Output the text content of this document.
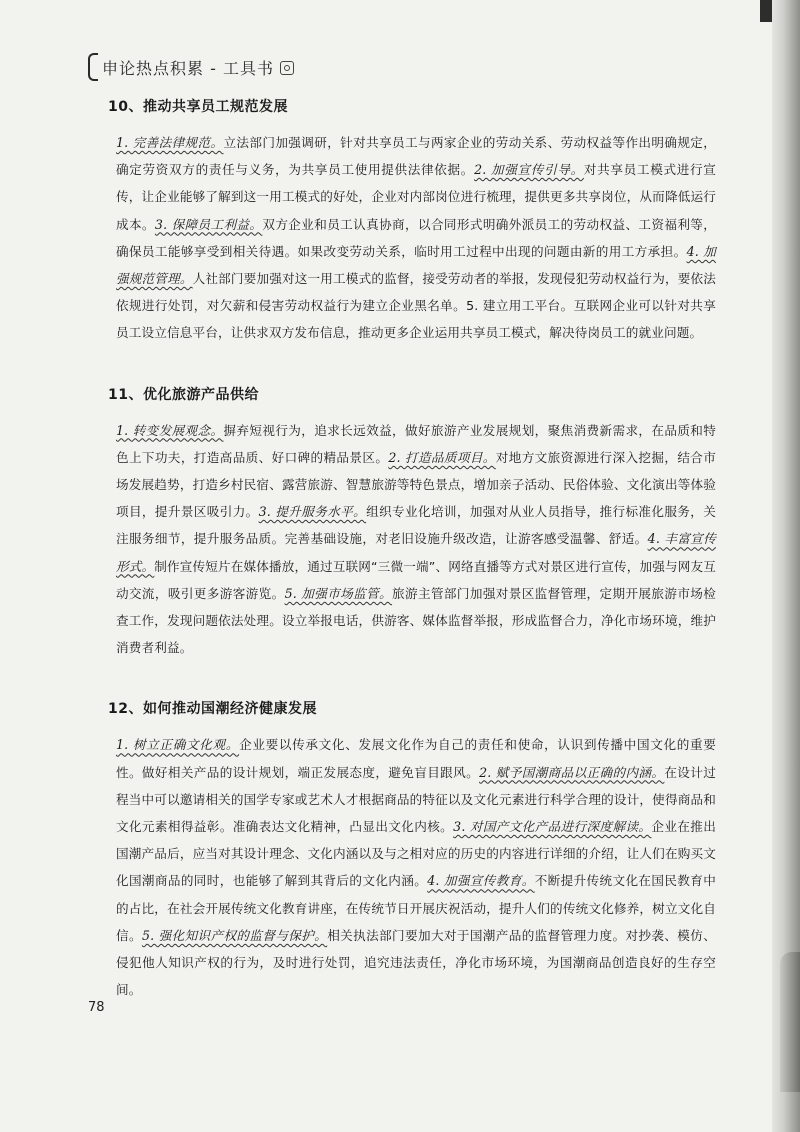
申论热点积累 - 工具书
10、推动共享员工规范发展

1. 完善法律规范。立法部门加强调研，针对共享员工与两家企业的劳动关系、劳动权益等作出明确规定，确定劳资双方的责任与义务，为共享员工使用提供法律依据。2. 加强宣传引导。对共享员工模式进行宣传，让企业能够了解到这一用工模式的好处，企业对内部岗位进行梳理，提供更多共享岗位，从而降低运行成本。3. 保障员工利益。双方企业和员工认真协商，以合同形式明确外派员工的劳动权益、工资福利等，确保员工能够享受到相关待遇。如果改变劳动关系，临时用工过程中出现的问题由新的用工方承担。4. 加强规范管理。人社部门要加强对这一用工模式的监督，接受劳动者的举报，发现侵犯劳动权益行为，要依法依规进行处罚，对欠薪和侵害劳动权益行为建立企业黑名单。5. 建立用工平台。互联网企业可以针对共享员工设立信息平台，让供求双方发布信息，推动更多企业运用共享员工模式，解决待岗员工的就业问题。

11、优化旅游产品供给

1. 转变发展观念。摒弃短视行为，追求长远效益，做好旅游产业发展规划，聚焦消费新需求，在品质和特色上下功夫，打造高品质、好口碑的精品景区。2. 打造品质项目。对地方文旅资源进行深入挖掘，结合市场发展趋势，打造乡村民宿、露营旅游、智慧旅游等特色景点，增加亲子活动、民俗体验、文化演出等体验项目，提升景区吸引力。3. 提升服务水平。组织专业化培训，加强对从业人员指导，推行标准化服务，关注服务细节，提升服务品质。完善基础设施，对老旧设施升级改造，让游客感受温馨、舒适。4. 丰富宣传形式。制作宣传短片在媒体播放，通过互联网“三微一端”、网络直播等方式对景区进行宣传，加强与网友互动交流，吸引更多游客游览。5. 加强市场监管。旅游主管部门加强对景区监督管理，定期开展旅游市场检查工作，发现问题依法处理。设立举报电话，供游客、媒体监督举报，形成监督合力，净化市场环境，维护消费者利益。

12、如何推动国潮经济健康发展

1. 树立正确文化观。企业要以传承文化、发展文化作为自己的责任和使命，认识到传播中国文化的重要性。做好相关产品的设计规划，端正发展态度，避免盲目跟风。2. 赋予国潮商品以正确的内涵。在设计过程当中可以邀请相关的国学专家或艺术人才根据商品的特征以及文化元素进行科学合理的设计，使得商品和文化元素相得益彰。准确表达文化精神，凸显出文化内核。3. 对国产文化产品进行深度解读。企业在推出国潮产品后，应当对其设计理念、文化内涵以及与之相对应的历史的内容进行详细的介绍，让人们在购买文化国潮商品的同时，也能够了解到其背后的文化内涵。4. 加强宣传教育。不断提升传统文化在国民教育中的占比，在社会开展传统文化教育讲座，在传统节日开展庆祝活动，提升人们的传统文化修养，树立文化自信。5. 强化知识产权的监督与保护。相关执法部门要加大对于国潮产品的监督管理力度。对抄袭、模仿、侵犯他人知识产权的行为，及时进行处罚，追究违法责任，净化市场环境，为国潮商品创造良好的生存空间。

78
